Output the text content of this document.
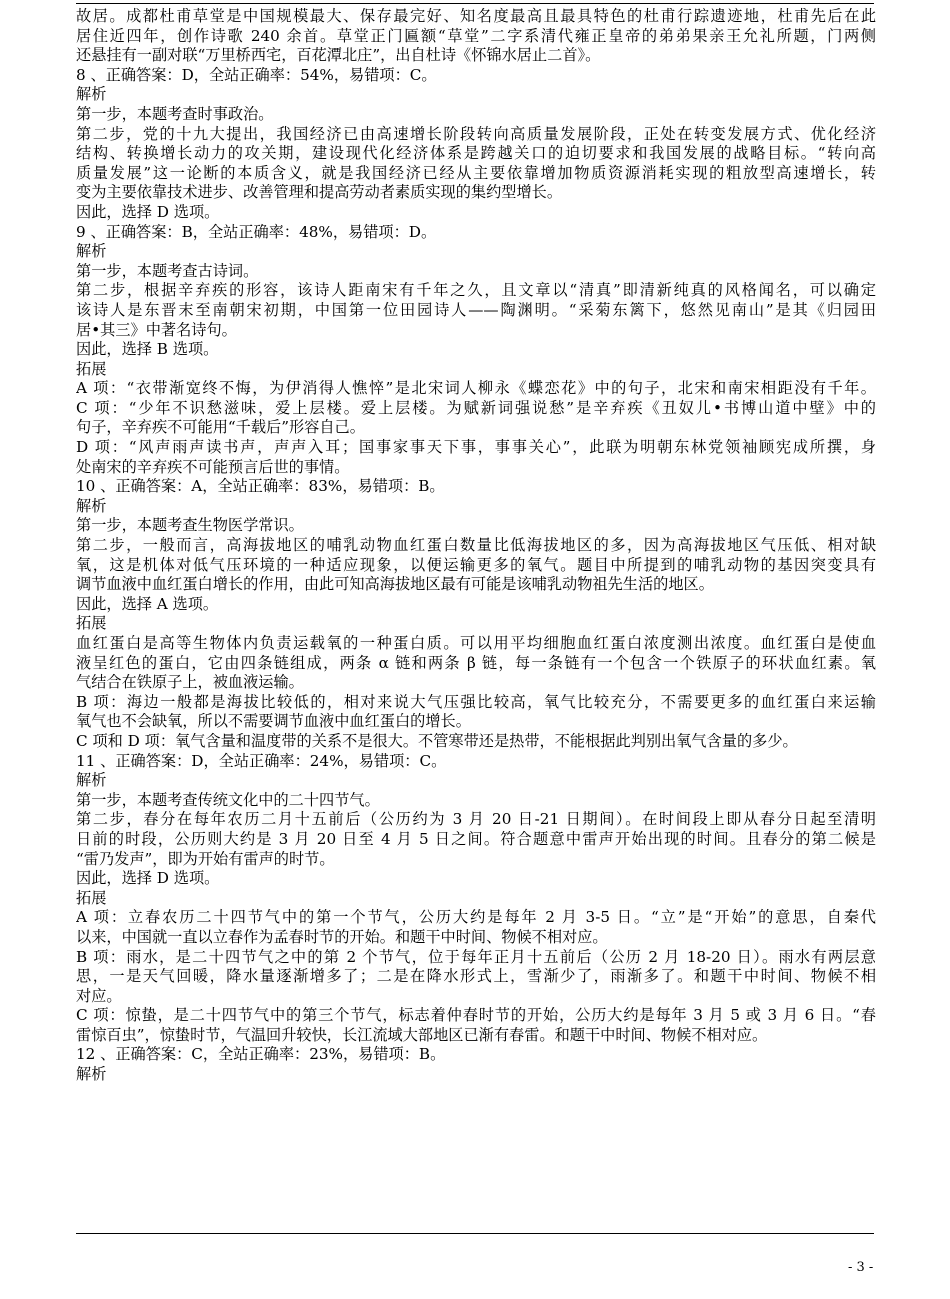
故居。成都杜甫草堂是中国规模最大、保存最完好、知名度最高且最具特色的杜甫行踪遗迹地，杜甫先后在此
居住近四年，创作诗歌 240 余首。草堂正门匾额“草堂”二字系清代雍正皇帝的弟弟果亲王允礼所题，门两侧
还悬挂有一副对联“万里桥西宅，百花潭北庄”，出自杜诗《怀锦水居止二首》。
8 、正确答案：D，全站正确率：54%，易错项：C。
解析
第一步，本题考查时事政治。
第二步，党的十九大提出，我国经济已由高速增长阶段转向高质量发展阶段，正处在转变发展方式、优化经济
结构、转换增长动力的攻关期，建设现代化经济体系是跨越关口的迫切要求和我国发展的战略目标。“转向高
质量发展”这一论断的本质含义，就是我国经济已经从主要依靠增加物质资源消耗实现的粗放型高速增长，转
变为主要依靠技术进步、改善管理和提高劳动者素质实现的集约型增长。
因此，选择 D 选项。
9 、正确答案：B，全站正确率：48%，易错项：D。
解析
第一步，本题考查古诗词。
第二步，根据辛弃疾的形容，该诗人距南宋有千年之久，且文章以“清真”即清新纯真的风格闻名，可以确定
该诗人是东晋末至南朝宋初期，中国第一位田园诗人——陶渊明。“采菊东篱下，悠然见南山”是其《归园田
居•其三》中著名诗句。
因此，选择 B 选项。
拓展
A 项：“衣带渐宽终不悔，为伊消得人憔悴”是北宋词人柳永《蝶恋花》中的句子，北宋和南宋相距没有千年。
C 项：“少年不识愁滋味，爱上层楼。爱上层楼。为赋新词强说愁”是辛弃疾《丑奴儿•书博山道中壁》中的
句子，辛弃疾不可能用“千载后”形容自己。
D 项：“风声雨声读书声，声声入耳；国事家事天下事，事事关心”，此联为明朝东林党领袖顾宪成所撰，身
处南宋的辛弃疾不可能预言后世的事情。
10 、正确答案：A，全站正确率：83%，易错项：B。
解析
第一步，本题考查生物医学常识。
第二步，一般而言，高海拔地区的哺乳动物血红蛋白数量比低海拔地区的多，因为高海拔地区气压低、相对缺
氧，这是机体对低气压环境的一种适应现象，以便运输更多的氧气。题目中所提到的哺乳动物的基因突变具有
调节血液中血红蛋白增长的作用，由此可知高海拔地区最有可能是该哺乳动物祖先生活的地区。
因此，选择 A 选项。
拓展
血红蛋白是高等生物体内负责运载氧的一种蛋白质。可以用平均细胞血红蛋白浓度测出浓度。血红蛋白是使血
液呈红色的蛋白，它由四条链组成，两条 α 链和两条 β 链，每一条链有一个包含一个铁原子的环状血红素。氧
气结合在铁原子上，被血液运输。
B 项：海边一般都是海拔比较低的，相对来说大气压强比较高，氧气比较充分，不需要更多的血红蛋白来运输
氧气也不会缺氧，所以不需要调节血液中血红蛋白的增长。
C 项和 D 项：氧气含量和温度带的关系不是很大。不管寒带还是热带，不能根据此判别出氧气含量的多少。
11 、正确答案：D，全站正确率：24%，易错项：C。
解析
第一步，本题考查传统文化中的二十四节气。
第二步，春分在每年农历二月十五前后（公历约为 3 月 20 日-21 日期间）。在时间段上即从春分日起至清明
日前的时段，公历则大约是 3 月 20 日至 4 月 5 日之间。符合题意中雷声开始出现的时间。且春分的第二候是
“雷乃发声”，即为开始有雷声的时节。
因此，选择 D 选项。
拓展
A 项：立春农历二十四节气中的第一个节气，公历大约是每年 2 月 3-5 日。“立”是“开始”的意思，自秦代
以来，中国就一直以立春作为孟春时节的开始。和题干中时间、物候不相对应。
B 项：雨水，是二十四节气之中的第 2 个节气，位于每年正月十五前后（公历 2 月 18-20 日）。雨水有两层意
思，一是天气回暖，降水量逐渐增多了；二是在降水形式上，雪渐少了，雨渐多了。和题干中时间、物候不相
对应。
C 项：惊蛰，是二十四节气中的第三个节气，标志着仲春时节的开始，公历大约是每年 3 月 5 或 3 月 6 日。“春
雷惊百虫”，惊蛰时节，气温回升较快，长江流域大部地区已渐有春雷。和题干中时间、物候不相对应。
12 、正确答案：C，全站正确率：23%，易错项：B。
解析
- 3 -
